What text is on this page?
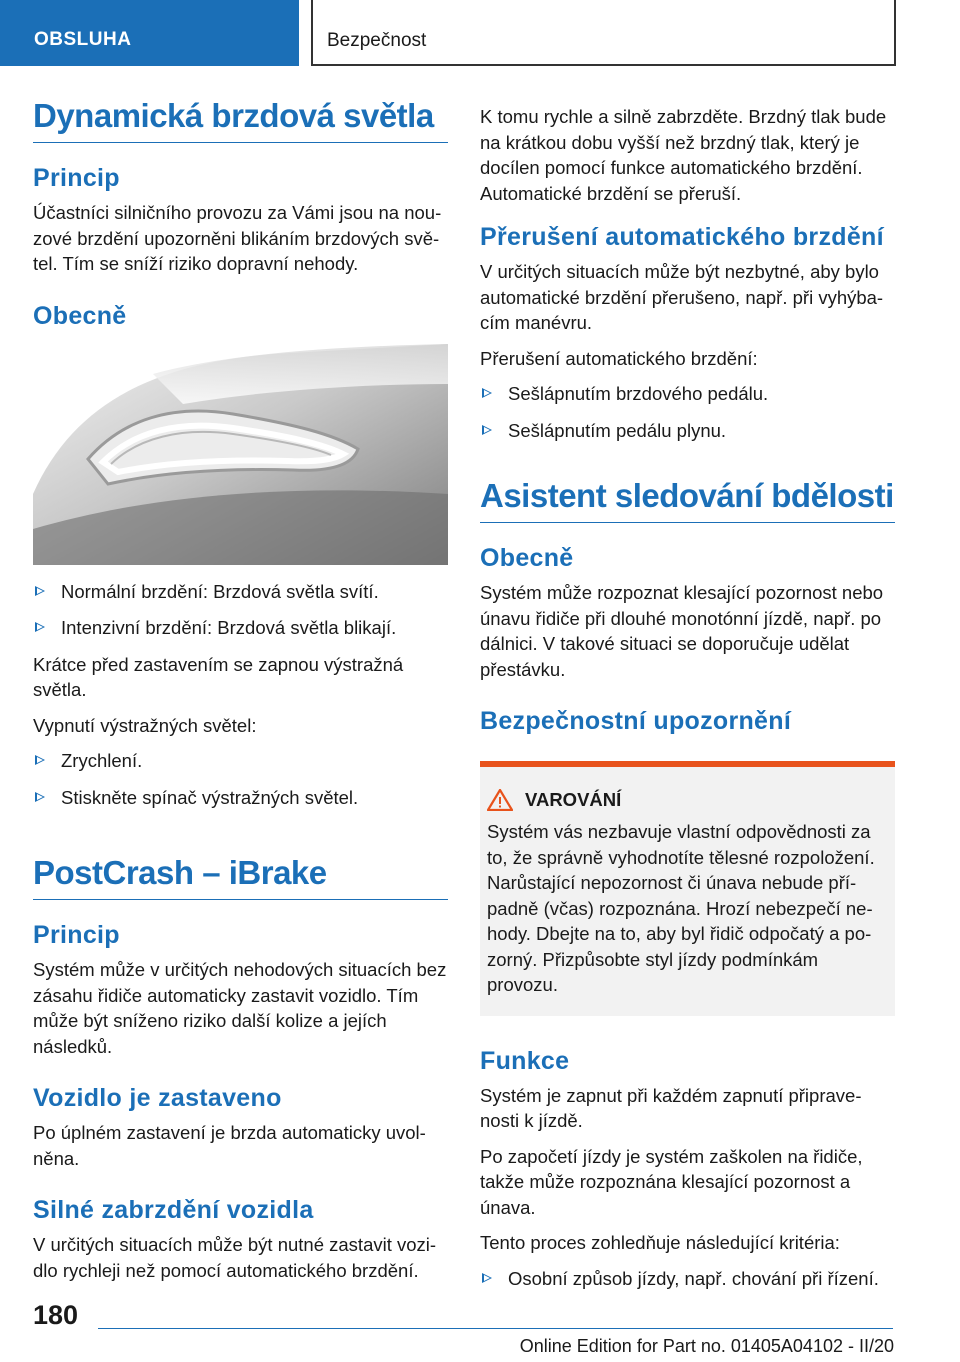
OBSLUHA	Bezpečnost
Dynamická brzdová světla
Princip

Účastníci silničního provozu za Vámi jsou na nou-zové brzdění upozorněni blikáním brzdových svě-tel. Tím se sníží riziko dopravní nehody.

Obecně
Normální brzdění: Brzdová světla svítí.
Intenzivní brzdění: Brzdová světla blikají.

Krátce před zastavením se zapnou výstražná světla.

Vypnutí výstražných světel:

Zrychlení.
Stiskněte spínač výstražných světel.
PostCrash – iBrake
Princip

Systém může v určitých nehodových situacích bez zásahu řidiče automaticky zastavit vozidlo. Tím může být sníženo riziko další kolize a jejích následků.

Vozidlo je zastaveno

Po úplném zastavení je brzda automaticky uvol-něna.

Silné zabrzdění vozidla

V určitých situacích může být nutné zastavit vozi-dlo rychleji než pomocí automatického brzdění.

K tomu rychle a silně zabrzděte. Brzdný tlak bude na krátkou dobu vyšší než brzdný tlak, který je docílen pomocí funkce automatického brzdění. Automatické brzdění se přeruší.

Přerušení automatického brzdění

V určitých situacích může být nezbytné, aby bylo automatické brzdění přerušeno, např. při vyhýba-cím manévru.

Přerušení automatického brzdění:

Sešlápnutím brzdového pedálu.
Sešlápnutím pedálu plynu.
Asistent sledování bdělosti
Obecně

Systém může rozpoznat klesající pozornost nebo únavu řidiče při dlouhé monotónní jízdě, např. po dálnici. V takové situaci se doporučuje udělat přestávku.

Bezpečnostní upozornění
VAROVÁNÍ

Systém vás nezbavuje vlastní odpovědnosti za to, že správně vyhodnotíte tělesné rozpoložení. Narůstající nepozornost či únava nebude pří-padně (včas) rozpoznána. Hrozí nebezpečí ne-hody. Dbejte na to, aby byl řidič odpočatý a po-zorný. Přizpůsobte styl jízdy podmínkám provozu.

Funkce

Systém je zapnut při každém zapnutí připrave-nosti k jízdě.

Po započetí jízdy je systém zaškolen na řidiče, takže může rozpoznána klesající pozornost a únava.

Tento proces zohledňuje následující kritéria:

Osobní způsob jízdy, např. chování při řízení.
180
Online Edition for Part no. 01405A04102 - II/20
